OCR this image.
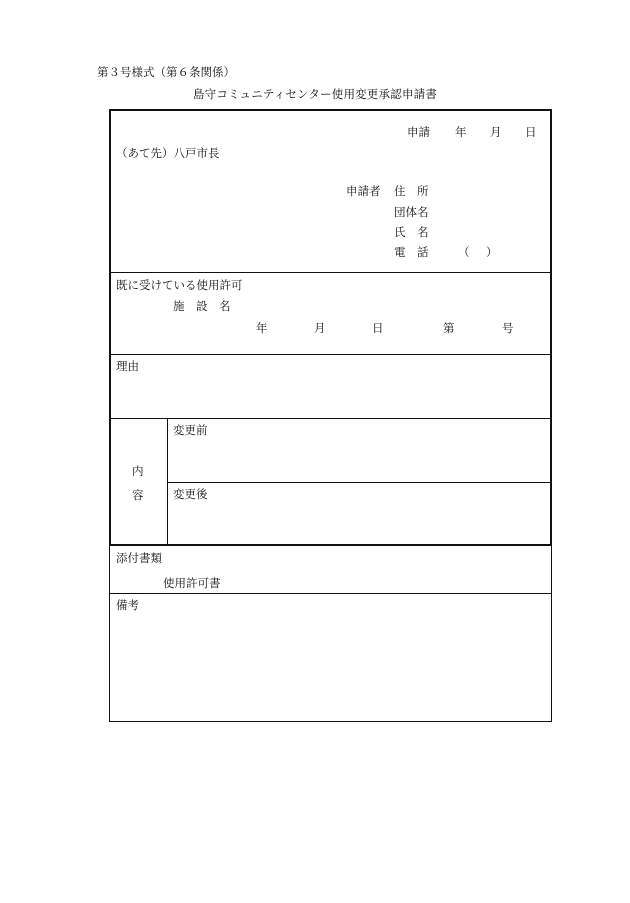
第３号様式（第６条関係）
島守コミュニティセンター使用変更承認申請書
申請 年 月 日
（あて先）八戸市長
申請者 住　所
団体名
氏　名
電　話	（ ）
既に受けている使用許可
施　設　名
年	月	日	第	号
理由
内
容
変更前
変更後
添付書類
使用許可書
備考
